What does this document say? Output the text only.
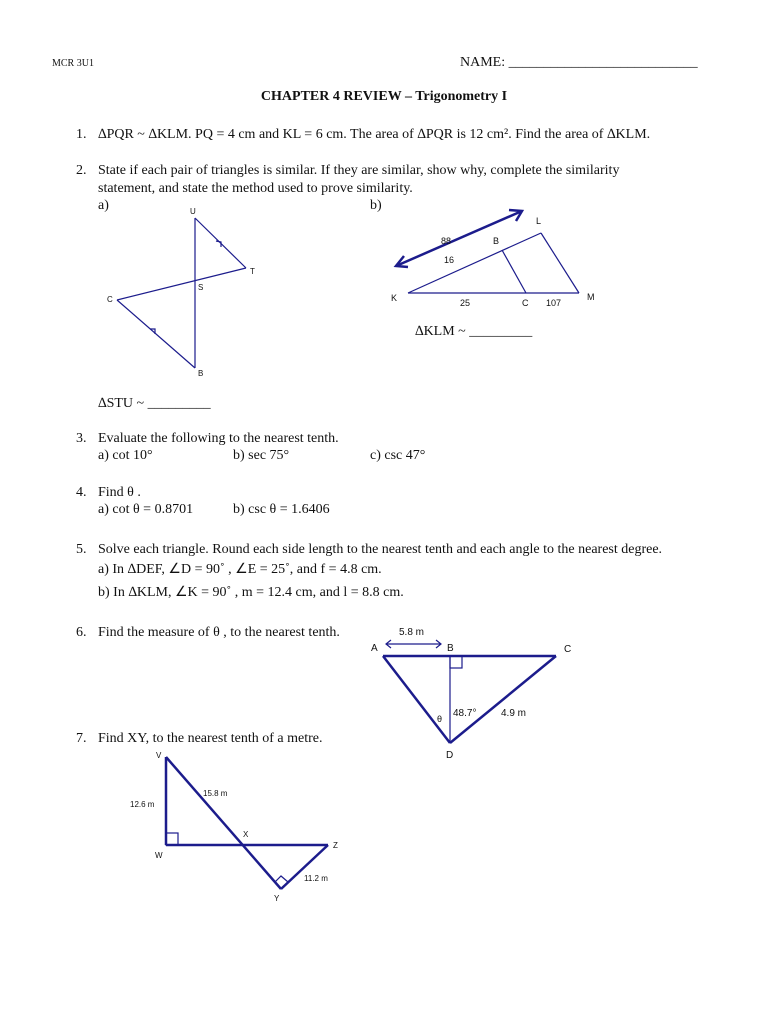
MCR 3U1	NAME: ___________________________
CHAPTER 4 REVIEW – Trigonometry I
1. ∆PQR ~ ∆KLM. PQ = 4 cm and KL = 6 cm. The area of ∆PQR is 12 cm². Find the area of ∆KLM.
2. State if each pair of triangles is similar. If they are similar, show why, complete the similarity
statement, and state the method used to prove similarity.
a)	b)
∆STU ~ _________
∆KLM ~ _________
3. Evaluate the following to the nearest tenth.
a) cot 10°	b) sec 75°	c) csc 47°
4. Find θ .
a) cot θ = 0.8701	b) csc θ = 1.6406
5. Solve each triangle. Round each side length to the nearest tenth and each angle to the nearest degree.
a) In ∆DEF, ∠D = 90˚ , ∠E = 25˚, and f = 4.8 cm.
b) In ∆KLM, ∠K = 90˚ , m = 12.4 cm, and l = 8.8 cm.
6. Find the measure of θ , to the nearest tenth.
7. Find XY, to the nearest tenth of a metre.
U
T
S
C
B
L
B
K	C
M
88
16
25	107
5.8 m
A	B	C
D
48.7° 4.9 m
θ
V
W
X
Y
Z
12.6 m
15.8 m
11.2 m
